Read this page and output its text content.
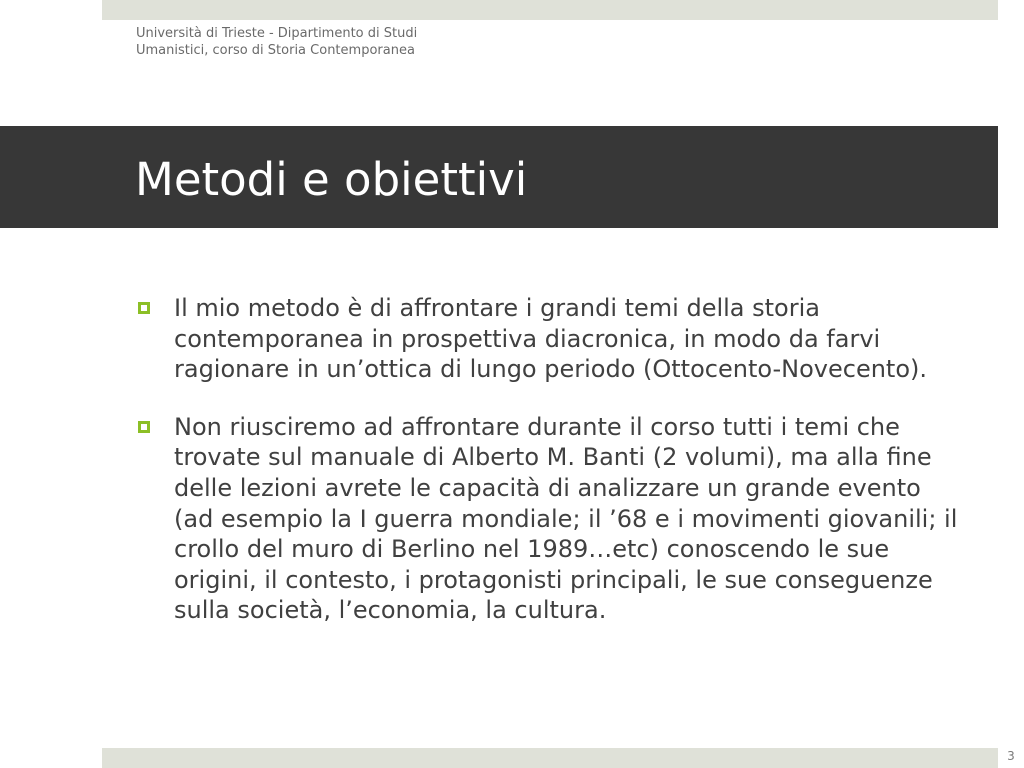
Università di Trieste - Dipartimento di Studi
Umanistici, corso di Storia Contemporanea
Metodi e obiettivi
Il mio metodo è di affrontare i grandi temi della storia contemporanea in prospettiva diacronica, in modo da farvi ragionare in un’ottica di lungo periodo (Ottocento-Novecento).
Non riusciremo ad affrontare durante il corso tutti i temi che trovate sul manuale di Alberto M. Banti (2 volumi), ma alla fine delle lezioni avrete le capacità di analizzare un grande evento (ad esempio la I guerra mondiale; il ’68 e i movimenti giovanili; il crollo del muro di Berlino nel 1989…etc) conoscendo le sue origini, il contesto, i protagonisti principali, le sue conseguenze sulla società, l’economia, la cultura.
3
